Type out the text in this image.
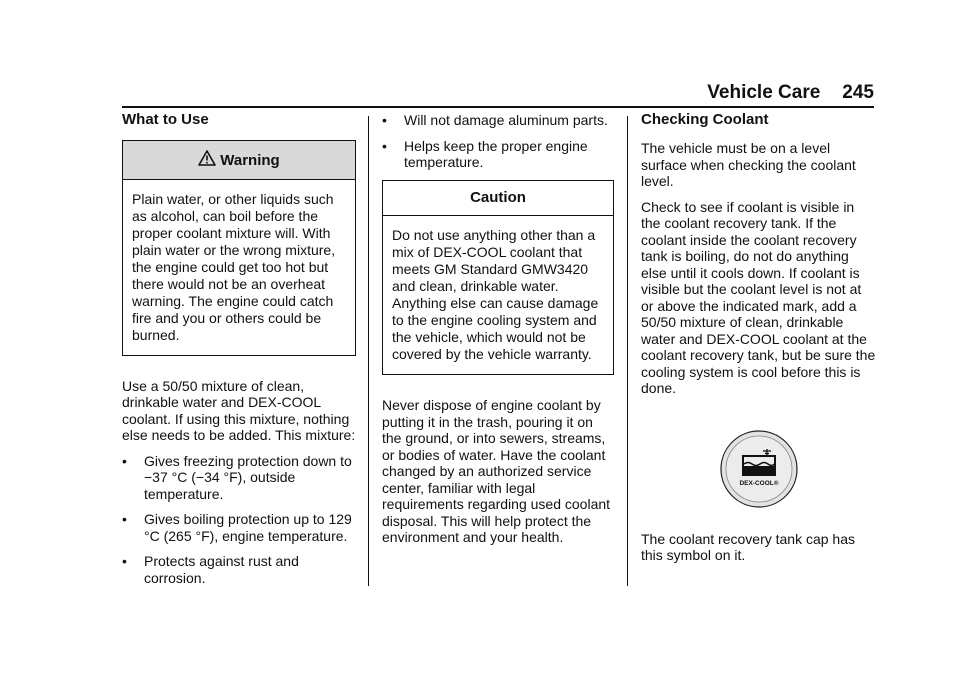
Vehicle Care 245
What to Use
Warning
Plain water, or other liquids such as alcohol, can boil before the proper coolant mixture will. With plain water or the wrong mixture, the engine could get too hot but there would not be an overheat warning. The engine could catch fire and you or others could be burned.

Use a 50/50 mixture of clean, drinkable water and DEX-COOL coolant. If using this mixture, nothing else needs to be added. This mixture:

• Gives freezing protection down to −37 °C (−34 °F), outside temperature.
• Gives boiling protection up to 129 °C (265 °F), engine temperature.
• Protects against rust and corrosion.
• Will not damage aluminum parts.
• Helps keep the proper engine temperature.
Caution
Do not use anything other than a mix of DEX-COOL coolant that meets GM Standard GMW3420 and clean, drinkable water. Anything else can cause damage to the engine cooling system and the vehicle, which would not be covered by the vehicle warranty.

Never dispose of engine coolant by putting it in the trash, pouring it on the ground, or into sewers, streams, or bodies of water. Have the coolant changed by an authorized service center, familiar with legal requirements regarding used coolant disposal. This will help protect the environment and your health.

Checking Coolant

The vehicle must be on a level surface when checking the coolant level.

Check to see if coolant is visible in the coolant recovery tank. If the coolant inside the coolant recovery tank is boiling, do not do anything else until it cools down. If coolant is visible but the coolant level is not at or above the indicated mark, add a 50/50 mixture of clean, drinkable water and DEX-COOL coolant at the coolant recovery tank, but be sure the cooling system is cool before this is done.

DEX-COOL®

The coolant recovery tank cap has this symbol on it.
